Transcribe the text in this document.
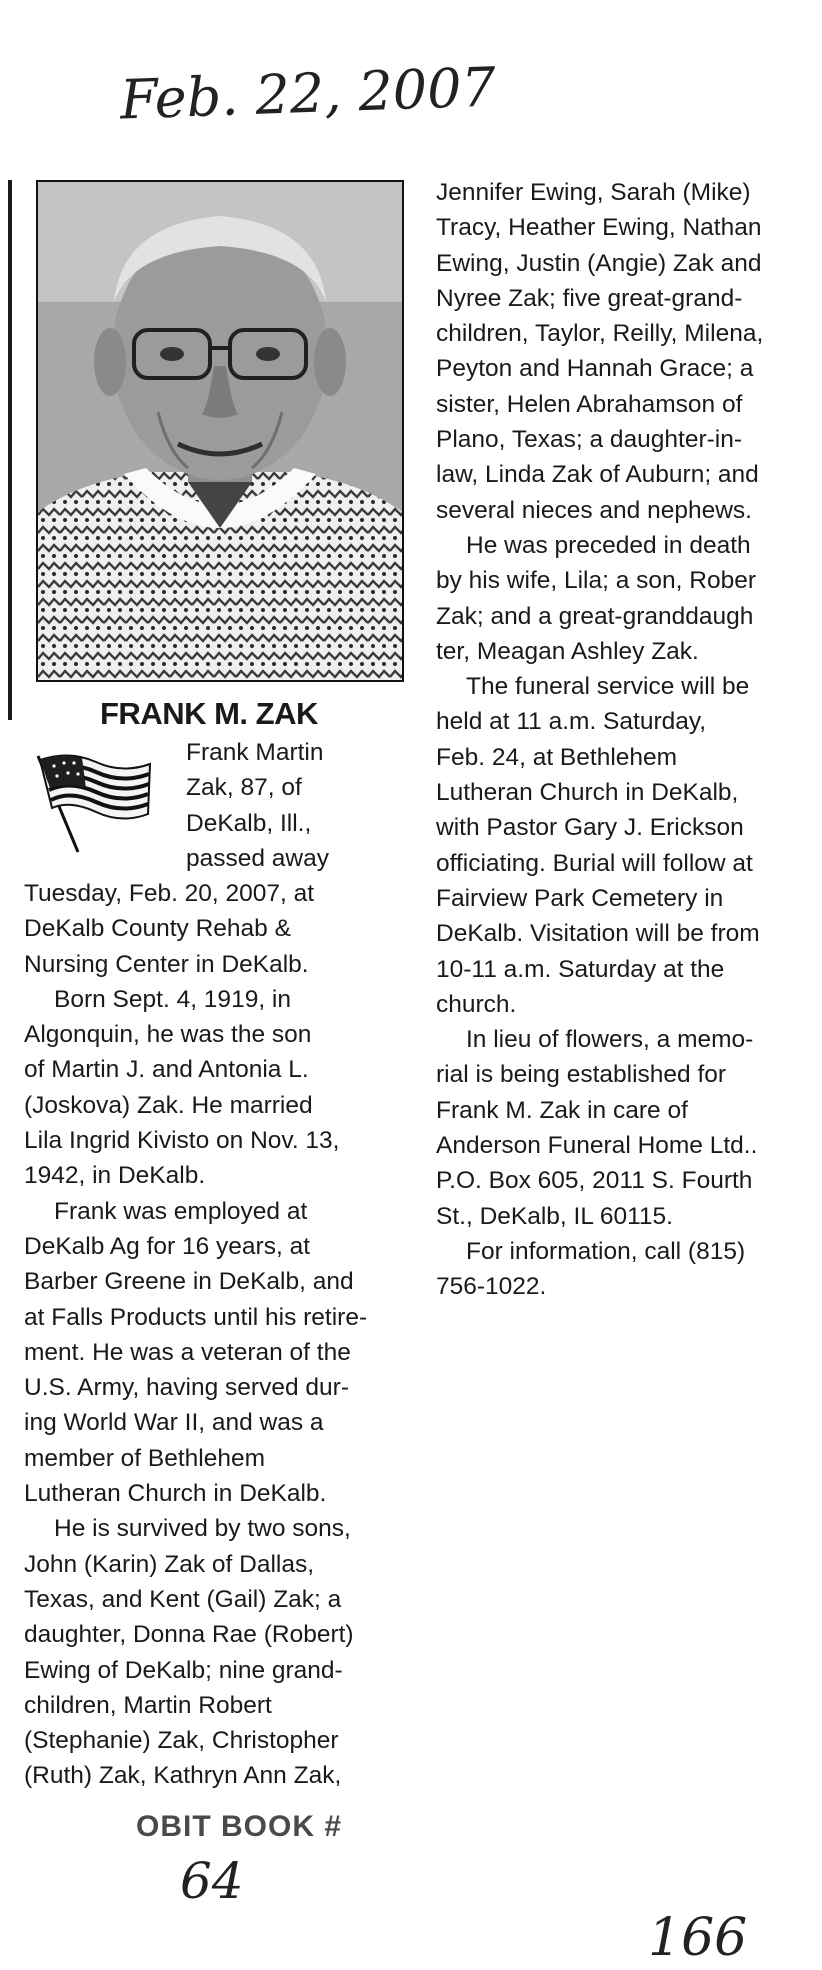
Feb. 22, 2007
FRANK M. ZAK
Frank Martin
Zak, 87, of
DeKalb, Ill.,
passed away
Tuesday, Feb. 20, 2007, at
DeKalb County Rehab &
Nursing Center in DeKalb.
Born Sept. 4, 1919, in
Algonquin, he was the son
of Martin J. and Antonia L.
(Joskova) Zak. He married
Lila Ingrid Kivisto on Nov. 13,
1942, in DeKalb.
Frank was employed at
DeKalb Ag for 16 years, at
Barber Greene in DeKalb, and
at Falls Products until his retire-
ment. He was a veteran of the
U.S. Army, having served dur-
ing World War II, and was a
member of Bethlehem
Lutheran Church in DeKalb.
He is survived by two sons,
John (Karin) Zak of Dallas,
Texas, and Kent (Gail) Zak; a
daughter, Donna Rae (Robert)
Ewing of DeKalb; nine grand-
children, Martin Robert
(Stephanie) Zak, Christopher
(Ruth) Zak, Kathryn Ann Zak,
Jennifer Ewing, Sarah (Mike)
Tracy, Heather Ewing, Nathan
Ewing, Justin (Angie) Zak and
Nyree Zak; five great-grand-
children, Taylor, Reilly, Milena,
Peyton and Hannah Grace; a
sister, Helen Abrahamson of
Plano, Texas; a daughter-in-
law, Linda Zak of Auburn; and
several nieces and nephews.
He was preceded in death
by his wife, Lila; a son, Rober
Zak; and a great-granddaugh
ter, Meagan Ashley Zak.
The funeral service will be
held at 11 a.m. Saturday,
Feb. 24, at Bethlehem
Lutheran Church in DeKalb,
with Pastor Gary J. Erickson
officiating. Burial will follow at
Fairview Park Cemetery in
DeKalb. Visitation will be from
10-11 a.m. Saturday at the
church.
In lieu of flowers, a memo-
rial is being established for
Frank M. Zak in care of
Anderson Funeral Home Ltd..
P.O. Box 605, 2011 S. Fourth
St., DeKalb, IL 60115.
For information, call (815)
756-1022.
OBIT BOOK #
64
166
